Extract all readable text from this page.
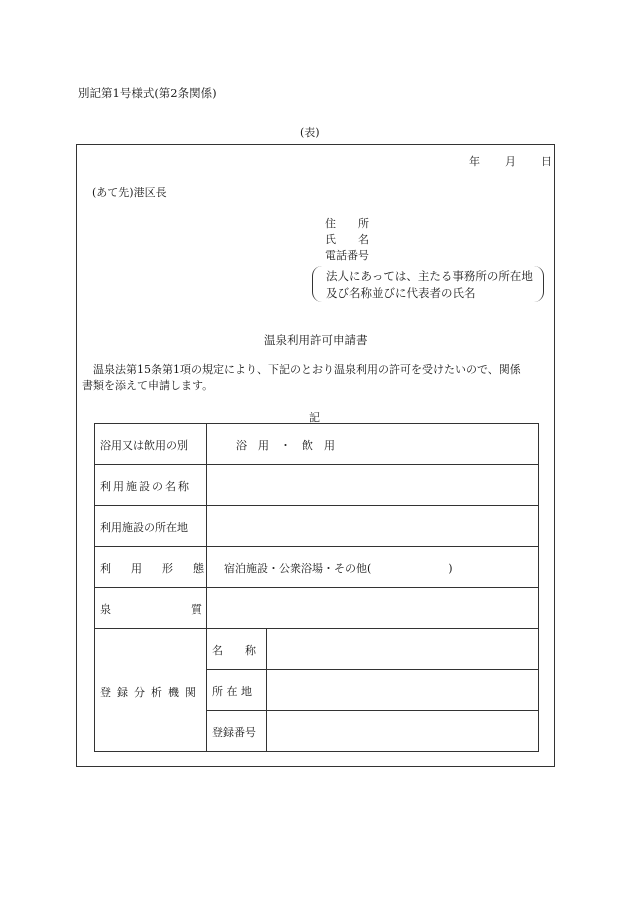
別記第1号様式(第2条関係)
(表)
年 月 日
(あて先)港区長
住　　所
氏　　名
電話番号
法人にあっては、主たる事務所の所在地
及び名称並びに代表者の氏名
温泉利用許可申請書
温泉法第15条第1項の規定により、下記のとおり温泉利用の許可を受けたいので、関係
書類を添えて申請します。
記
浴用又は飲用の別
利用施設の名称
利用施設の所在地
利用形態
泉質
登録分析機関
浴　用　・　飲　用
宿泊施設・公衆浴場・その他(　　　　　　　)
名　　称
所 在 地
登録番号
